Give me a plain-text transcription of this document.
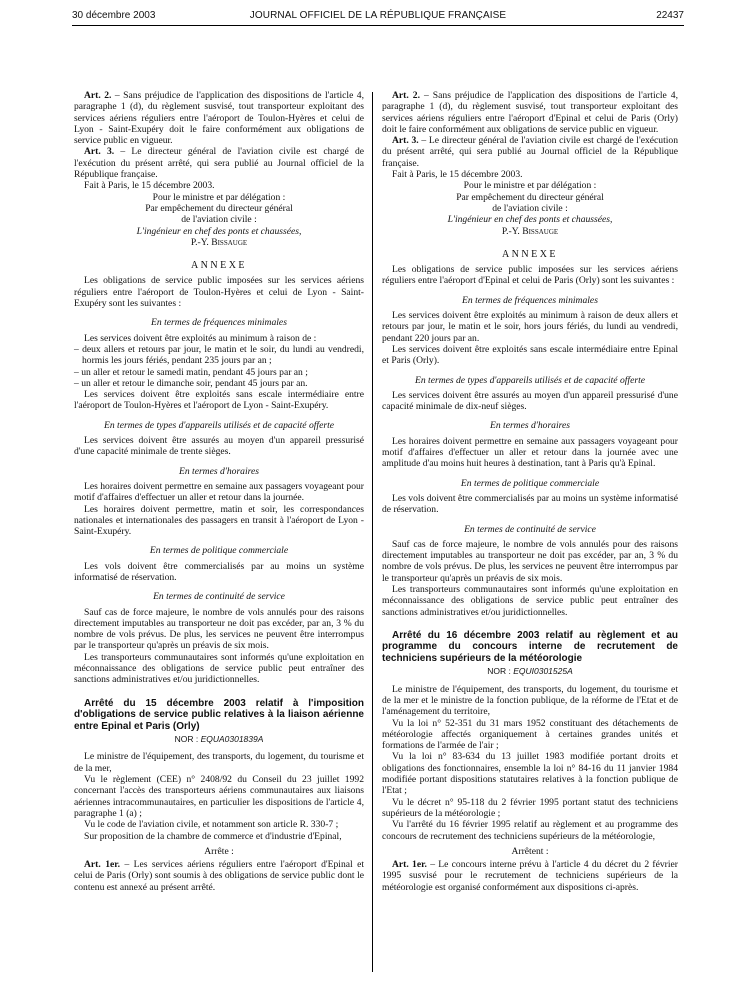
30 décembre 2003	JOURNAL OFFICIEL DE LA RÉPUBLIQUE FRANÇAISE	22437

Art. 2. – Sans préjudice de l'application des dispositions de l'article 4, paragraphe 1 (d), du règlement susvisé, tout transporteur exploitant des services aériens réguliers entre l'aéroport de Toulon-Hyères et celui de Lyon - Saint-Exupéry doit le faire conformément aux obligations de service public en vigueur.

Art. 3. – Le directeur général de l'aviation civile est chargé de l'exécution du présent arrêté, qui sera publié au Journal officiel de la République française.

Fait à Paris, le 15 décembre 2003.

Pour le ministre et par délégation :
Par empêchement du directeur général
de l'aviation civile :
L'ingénieur en chef des ponts et chaussées,
P.-Y. Bissauge
ANNEXE

Les obligations de service public imposées sur les services aériens réguliers entre l'aéroport de Toulon-Hyères et celui de Lyon - Saint-Exupéry sont les suivantes :

En termes de fréquences minimales

Les services doivent être exploités au minimum à raison de :

– deux allers et retours par jour, le matin et le soir, du lundi au vendredi, hormis les jours fériés, pendant 235 jours par an ;

– un aller et retour le samedi matin, pendant 45 jours par an ;

– un aller et retour le dimanche soir, pendant 45 jours par an.

Les services doivent être exploités sans escale intermédiaire entre l'aéroport de Toulon-Hyères et l'aéroport de Lyon - Saint-Exupéry.

En termes de types d'appareils utilisés et de capacité offerte

Les services doivent être assurés au moyen d'un appareil pressurisé d'une capacité minimale de trente sièges.

En termes d'horaires

Les horaires doivent permettre en semaine aux passagers voyageant pour motif d'affaires d'effectuer un aller et retour dans la journée.

Les horaires doivent permettre, matin et soir, les correspondances nationales et internationales des passagers en transit à l'aéroport de Lyon - Saint-Exupéry.

En termes de politique commerciale

Les vols doivent être commercialisés par au moins un système informatisé de réservation.

En termes de continuité de service

Sauf cas de force majeure, le nombre de vols annulés pour des raisons directement imputables au transporteur ne doit pas excéder, par an, 3 % du nombre de vols prévus. De plus, les services ne peuvent être interrompus par le transporteur qu'après un préavis de six mois.

Les transporteurs communautaires sont informés qu'une exploitation en méconnaissance des obligations de service public peut entraîner des sanctions administratives et/ou juridictionnelles.

Arrêté du 15 décembre 2003 relatif à l'imposition d'obligations de service public relatives à la liaison aérienne entre Epinal et Paris (Orly)

NOR : EQUA0301839A

Le ministre de l'équipement, des transports, du logement, du tourisme et de la mer,

Vu le règlement (CEE) n° 2408/92 du Conseil du 23 juillet 1992 concernant l'accès des transporteurs aériens communautaires aux liaisons aériennes intracommunautaires, en particulier les dispositions de l'article 4, paragraphe 1 (a) ;

Vu le code de l'aviation civile, et notamment son article R. 330-7 ;

Sur proposition de la chambre de commerce et d'industrie d'Epinal,

Arrête :

Art. 1er. – Les services aériens réguliers entre l'aéroport d'Epinal et celui de Paris (Orly) sont soumis à des obligations de service public dont le contenu est annexé au présent arrêté.

Art. 2. – Sans préjudice de l'application des dispositions de l'article 4, paragraphe 1 (d), du règlement susvisé, tout transporteur exploitant des services aériens réguliers entre l'aéroport d'Epinal et celui de Paris (Orly) doit le faire conformément aux obligations de service public en vigueur.

Art. 3. – Le directeur général de l'aviation civile est chargé de l'exécution du présent arrêté, qui sera publié au Journal officiel de la République française.

Fait à Paris, le 15 décembre 2003.

Pour le ministre et par délégation :
Par empêchement du directeur général
de l'aviation civile :
L'ingénieur en chef des ponts et chaussées,
P.-Y. Bissauge
ANNEXE

Les obligations de service public imposées sur les services aériens réguliers entre l'aéroport d'Epinal et celui de Paris (Orly) sont les suivantes :

En termes de fréquences minimales

Les services doivent être exploités au minimum à raison de deux allers et retours par jour, le matin et le soir, hors jours fériés, du lundi au vendredi, pendant 220 jours par an.

Les services doivent être exploités sans escale intermédiaire entre Epinal et Paris (Orly).

En termes de types d'appareils utilisés et de capacité offerte

Les services doivent être assurés au moyen d'un appareil pressurisé d'une capacité minimale de dix-neuf sièges.

En termes d'horaires

Les horaires doivent permettre en semaine aux passagers voyageant pour motif d'affaires d'effectuer un aller et retour dans la journée avec une amplitude d'au moins huit heures à destination, tant à Paris qu'à Epinal.

En termes de politique commerciale

Les vols doivent être commercialisés par au moins un système informatisé de réservation.

En termes de continuité de service

Sauf cas de force majeure, le nombre de vols annulés pour des raisons directement imputables au transporteur ne doit pas excéder, par an, 3 % du nombre de vols prévus. De plus, les services ne peuvent être interrompus par le transporteur qu'après un préavis de six mois.

Les transporteurs communautaires sont informés qu'une exploitation en méconnaissance des obligations de service public peut entraîner des sanctions administratives et/ou juridictionnelles.

Arrêté du 16 décembre 2003 relatif au règlement et au programme du concours interne de recrutement de techniciens supérieurs de la météorologie

NOR : EQUI0301525A

Le ministre de l'équipement, des transports, du logement, du tourisme et de la mer et le ministre de la fonction publique, de la réforme de l'Etat et de l'aménagement du territoire,

Vu la loi n° 52-351 du 31 mars 1952 constituant des détachements de météorologie affectés organiquement à certaines grandes unités et formations de l'armée de l'air ;

Vu la loi n° 83-634 du 13 juillet 1983 modifiée portant droits et obligations des fonctionnaires, ensemble la loi n° 84-16 du 11 janvier 1984 modifiée portant dispositions statutaires relatives à la fonction publique de l'Etat ;

Vu le décret n° 95-118 du 2 février 1995 portant statut des techniciens supérieurs de la météorologie ;

Vu l'arrêté du 16 février 1995 relatif au règlement et au programme des concours de recrutement des techniciens supérieurs de la météorologie,

Arrêtent :

Art. 1er. – Le concours interne prévu à l'article 4 du décret du 2 février 1995 susvisé pour le recrutement de techniciens supérieurs de la météorologie est organisé conformément aux dispositions ci-après.
